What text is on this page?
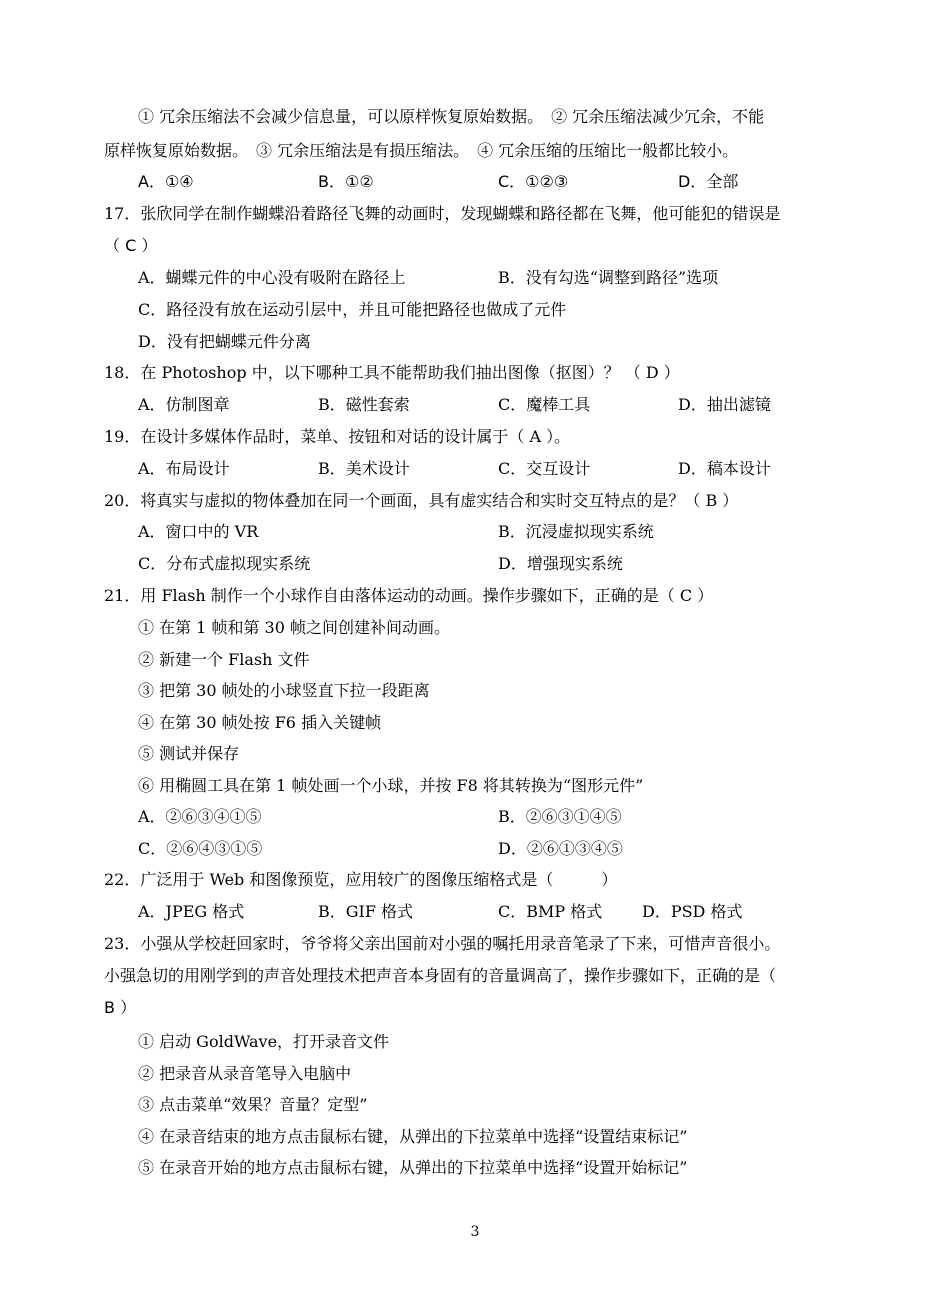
① 冗余压缩法不会减少信息量，可以原样恢复原始数据。　② 冗余压缩法减少冗余，不能
原样恢复原始数据。　③ 冗余压缩法是有损压缩法。　④ 冗余压缩的压缩比一般都比较小。
A．①④	B．①②	C．①②③	D．全部
17．张欣同学在制作蝴蝶沿着路径飞舞的动画时，发现蝴蝶和路径都在飞舞，他可能犯的错误是
（ C ）
A．蝴蝶元件的中心没有吸附在路径上	B．没有勾选“调整到路径”选项
C．路径没有放在运动引层中，并且可能把路径也做成了元件
D．没有把蝴蝶元件分离
18．在 Photoshop 中，以下哪种工具不能帮助我们抽出图像（抠图）？ （ D ）
A．仿制图章	B．磁性套索	C．魔棒工具	D．抽出滤镜
19．在设计多媒体作品时，菜单、按钮和对话的设计属于（ A ）。
A．布局设计	B．美术设计	C．交互设计	D．稿本设计
20．将真实与虚拟的物体叠加在同一个画面，具有虚实结合和实时交互特点的是？（ B ）
A．窗口中的 VR	B．沉浸虚拟现实系统
C．分布式虚拟现实系统	D．增强现实系统
21．用 Flash 制作一个小球作自由落体运动的动画。操作步骤如下，正确的是（ C ）
① 在第 1 帧和第 30 帧之间创建补间动画。
② 新建一个 Flash 文件
③ 把第 30 帧处的小球竖直下拉一段距离
④ 在第 30 帧处按 F6 插入关键帧
⑤ 测试并保存
⑥ 用椭圆工具在第 1 帧处画一个小球，并按 F8 将其转换为“图形元件”
A．②⑥③④①⑤	B．②⑥③①④⑤
C．②⑥④③①⑤	D．②⑥①③④⑤
22．广泛用于 Web 和图像预览，应用较广的图像压缩格式是（　　　）
A．JPEG 格式	B．GIF 格式	C．BMP 格式 D．PSD 格式
23．小强从学校赶回家时，爷爷将父亲出国前对小强的嘱托用录音笔录了下来，可惜声音很小。
小强急切的用刚学到的声音处理技术把声音本身固有的音量调高了，操作步骤如下，正确的是（
B ）
① 启动 GoldWave，打开录音文件
② 把录音从录音笔导入电脑中
③ 点击菜单“效果？音量？定型”
④ 在录音结束的地方点击鼠标右键，从弹出的下拉菜单中选择“设置结束标记”
⑤ 在录音开始的地方点击鼠标右键，从弹出的下拉菜单中选择“设置开始标记”
3
